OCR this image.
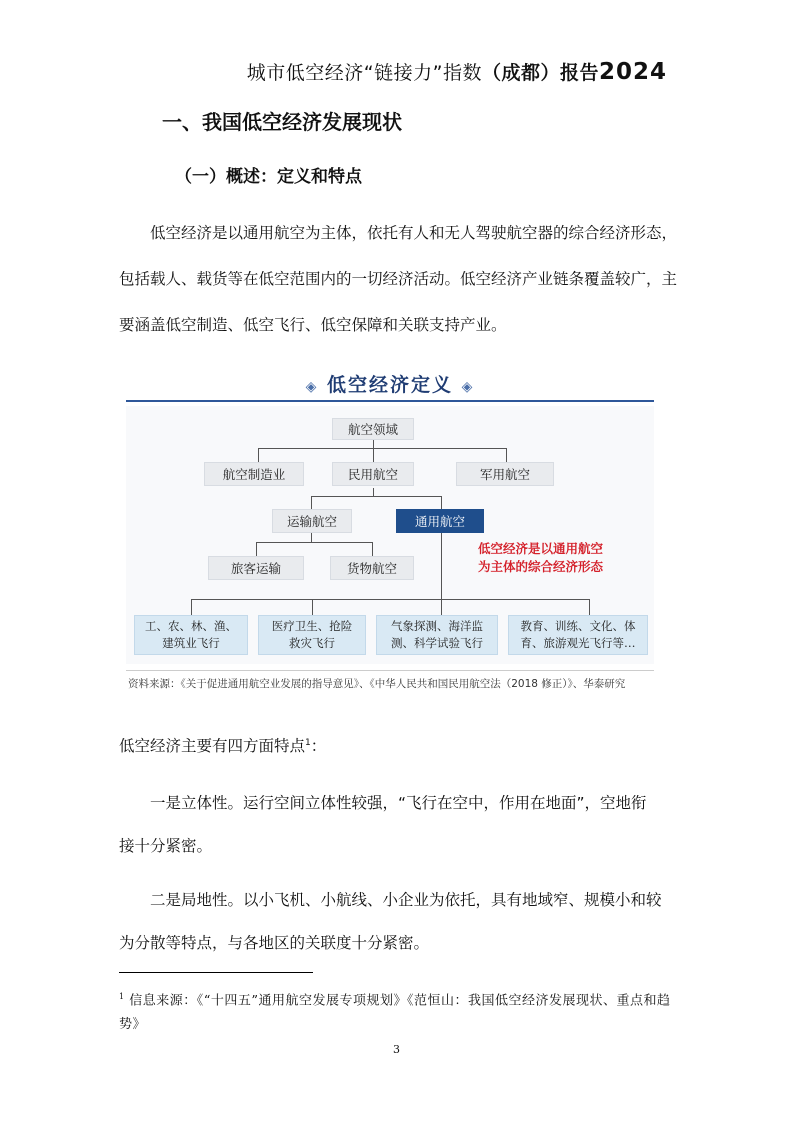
城市低空经济“链接力”指数（成都）报告2024
一、我国低空经济发展现状
（一）概述：定义和特点
低空经济是以通用航空为主体，依托有人和无人驾驶航空器的综合经济形态，包括载人、载货等在低空范围内的一切经济活动。低空经济产业链条覆盖较广，主要涵盖低空制造、低空飞行、低空保障和关联支持产业。
◈ 低空经济定义 ◈
航空领域
航空制造业	民用航空	军用航空
运输航空	通用航空
旅客运输	货物航空
低空经济是以通用航空
为主体的综合经济形态
工、农、林、渔、建筑业飞行
医疗卫生、抢险救灾飞行
气象探测、海洋监测、科学试验飞行
教育、训练、文化、体育、旅游观光飞行等…
资料来源：《关于促进通用航空业发展的指导意见》、《中华人民共和国民用航空法（2018 修正）》、华泰研究
低空经济主要有四方面特点$^1$：
一是立体性。运行空间立体性较强，“飞行在空中，作用在地面”，空地衔
接十分紧密。
二是局地性。以小飞机、小航线、小企业为依托，具有地域窄、规模小和较
为分散等特点，与各地区的关联度十分紧密。
$^1$ 信息来源：《“十四五”通用航空发展专项规划》《范恒山：我国低空经济发展现状、重点和趋势》
3
